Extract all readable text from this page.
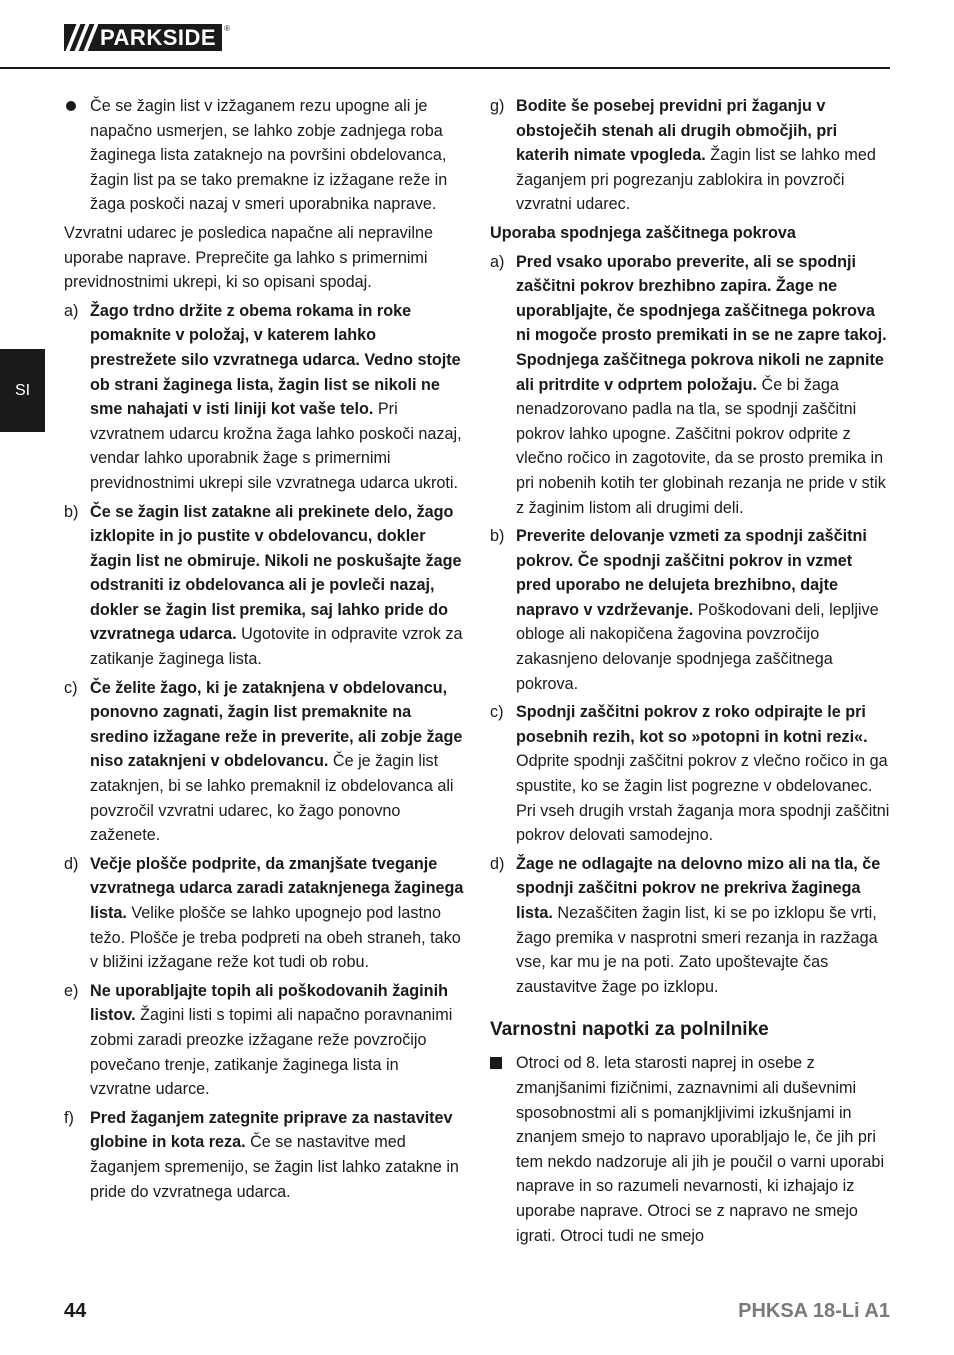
PARKSIDE	®
SI

Če se žagin list v izžaganem rezu upogne ali je napačno usmerjen, se lahko zobje zadnjega roba žaginega lista zataknejo na površini obdelovanca, žagin list pa se tako premakne iz izžagane reže in žaga poskoči nazaj v smeri uporabnika naprave.

Vzvratni udarec je posledica napačne ali nepravilne uporabe naprave. Preprečite ga lahko s primernimi previdnostnimi ukrepi, ki so opisani spodaj.

a) Žago trdno držite z obema rokama in roke pomaknite v položaj, v katerem lahko prestrežete silo vzvratnega udarca. Vedno stojte ob strani žaginega lista, žagin list se nikoli ne sme nahajati v isti liniji kot vaše telo. Pri vzvratnem udarcu krožna žaga lahko poskoči nazaj, vendar lahko uporabnik žage s primernimi previdnostnimi ukrepi sile vzvratnega udarca ukroti.

b) Če se žagin list zatakne ali prekinete delo, žago izklopite in jo pustite v obdelovancu, dokler žagin list ne obmiruje. Nikoli ne poskušajte žage odstraniti iz obdelovanca ali je povleči nazaj, dokler se žagin list premika, saj lahko pride do vzvratnega udarca. Ugotovite in odpravite vzrok za zatikanje žaginega lista.

c) Če želite žago, ki je zataknjena v obdelovancu, ponovno zagnati, žagin list premaknite na sredino izžagane reže in preverite, ali zobje žage niso zataknjeni v obdelovancu. Če je žagin list zataknjen, bi se lahko premaknil iz obdelovanca ali povzročil vzvratni udarec, ko žago ponovno zaženete.

d) Večje plošče podprite, da zmanjšate tveganje vzvratnega udarca zaradi zataknjenega žaginega lista. Velike plošče se lahko upognejo pod lastno težo. Plošče je treba podpreti na obeh straneh, tako v bližini izžagane reže kot tudi ob robu.

e) Ne uporabljajte topih ali poškodovanih žaginih listov. Žagini listi s topimi ali napačno poravnanimi zobmi zaradi preozke izžagane reže povzročijo povečano trenje, zatikanje žaginega lista in vzvratne udarce.

f) Pred žaganjem zategnite priprave za nastavitev globine in kota reza. Če se nastavitve med žaganjem spremenijo, se žagin list lahko zatakne in pride do vzvratnega udarca.

g) Bodite še posebej previdni pri žaganju v obstoječih stenah ali drugih območjih, pri katerih nimate vpogleda. Žagin list se lahko med žaganjem pri pogrezanju zablokira in povzroči vzvratni udarec.

Uporaba spodnjega zaščitnega pokrova

a) Pred vsako uporabo preverite, ali se spodnji zaščitni pokrov brezhibno zapira. Žage ne uporabljajte, če spodnjega zaščitnega pokrova ni mogoče prosto premikati in se ne zapre takoj. Spodnjega zaščitnega pokrova nikoli ne zapnite ali pritrdite v odprtem položaju. Če bi žaga nenadzorovano padla na tla, se spodnji zaščitni pokrov lahko upogne. Zaščitni pokrov odprite z vlečno ročico in zagotovite, da se prosto premika in pri nobenih kotih ter globinah rezanja ne pride v stik z žaginim listom ali drugimi deli.

b) Preverite delovanje vzmeti za spodnji zaščitni pokrov. Če spodnji zaščitni pokrov in vzmet pred uporabo ne delujeta brezhibno, dajte napravo v vzdrževanje. Poškodovani deli, lepljive obloge ali nakopičena žagovina povzročijo zakasnjeno delovanje spodnjega zaščitnega pokrova.

c) Spodnji zaščitni pokrov z roko odpirajte le pri posebnih rezih, kot so »potopni in kotni rezi«. Odprite spodnji zaščitni pokrov z vlečno ročico in ga spustite, ko se žagin list pogrezne v obdelovanec. Pri vseh drugih vrstah žaganja mora spodnji zaščitni pokrov delovati samodejno.

d) Žage ne odlagajte na delovno mizo ali na tla, če spodnji zaščitni pokrov ne prekriva žaginega lista. Nezaščiten žagin list, ki se po izklopu še vrti, žago premika v nasprotni smeri rezanja in razžaga vse, kar mu je na poti. Zato upoštevajte čas zaustavitve žage po izklopu.

Varnostni napotki za polnilnike

Otroci od 8. leta starosti naprej in osebe z zmanjšanimi fizičnimi, zaznavnimi ali duševnimi sposobnostmi ali s pomanjkljivimi izkušnjami in znanjem smejo to napravo uporabljajo le, če jih pri tem nekdo nadzoruje ali jih je poučil o varni uporabi naprave in so razumeli nevarnosti, ki izhajajo iz uporabe naprave. Otroci se z napravo ne smejo igrati. Otroci tudi ne smejo

44	PHKSA 18-Li A1
